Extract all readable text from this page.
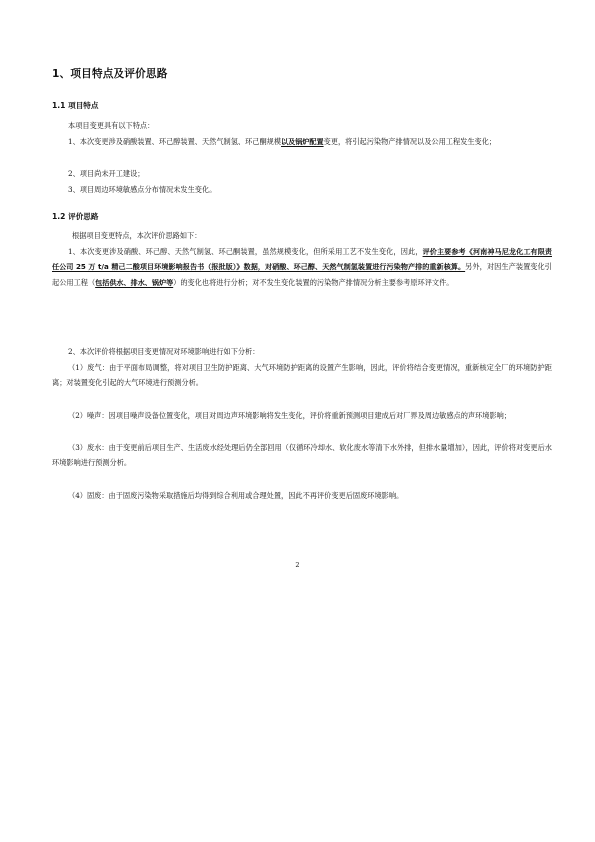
1、项目特点及评价思路
1.1 项目特点

本项目变更具有以下特点：

1、本次变更涉及硝酸装置、环己醇装置、天然气制氢、环己酮规模以及锅炉配置变更，将引起污染物产排情况以及公用工程发生变化；

2、项目尚未开工建设；

3、项目周边环境敏感点分布情况未发生变化。

1.2 评价思路

根据项目变更特点，本次评价思路如下：

1、本次变更涉及硝酸、环己醇、天然气制氢、环己酮装置，虽然规模变化，但所采用工艺不发生变化，因此，评价主要参考《河南神马尼龙化工有限责任公司 25 万 t/a 精己二酸项目环境影响报告书（报批版）》数据，对硝酸、环己醇、天然气制氢装置进行污染物产排的重新核算。另外，对因生产装置变化引起公用工程（包括供水、排水、锅炉等）的变化也将进行分析；对不发生变化装置的污染物产排情况分析主要参考原环评文件。

2、本次评价将根据项目变更情况对环境影响进行如下分析：

（1）废气：由于平面布局调整，将对项目卫生防护距离、大气环境防护距离的设置产生影响，因此，评价将结合变更情况，重新核定全厂的环境防护距离；对装置变化引起的大气环境进行预测分析。

（2）噪声：因项目噪声设备位置变化，项目对周边声环境影响将发生变化，评价将重新预测项目建成后对厂界及周边敏感点的声环境影响；

（3）废水：由于变更前后项目生产、生活废水经处理后仍全部回用（仅循环冷却水、软化废水等清下水外排，但排水量增加），因此，评价将对变更后水环境影响进行预测分析。

（4）固废：由于固废污染物采取措施后均得到综合利用或合理处置，因此不再评价变更后固废环境影响。

2
